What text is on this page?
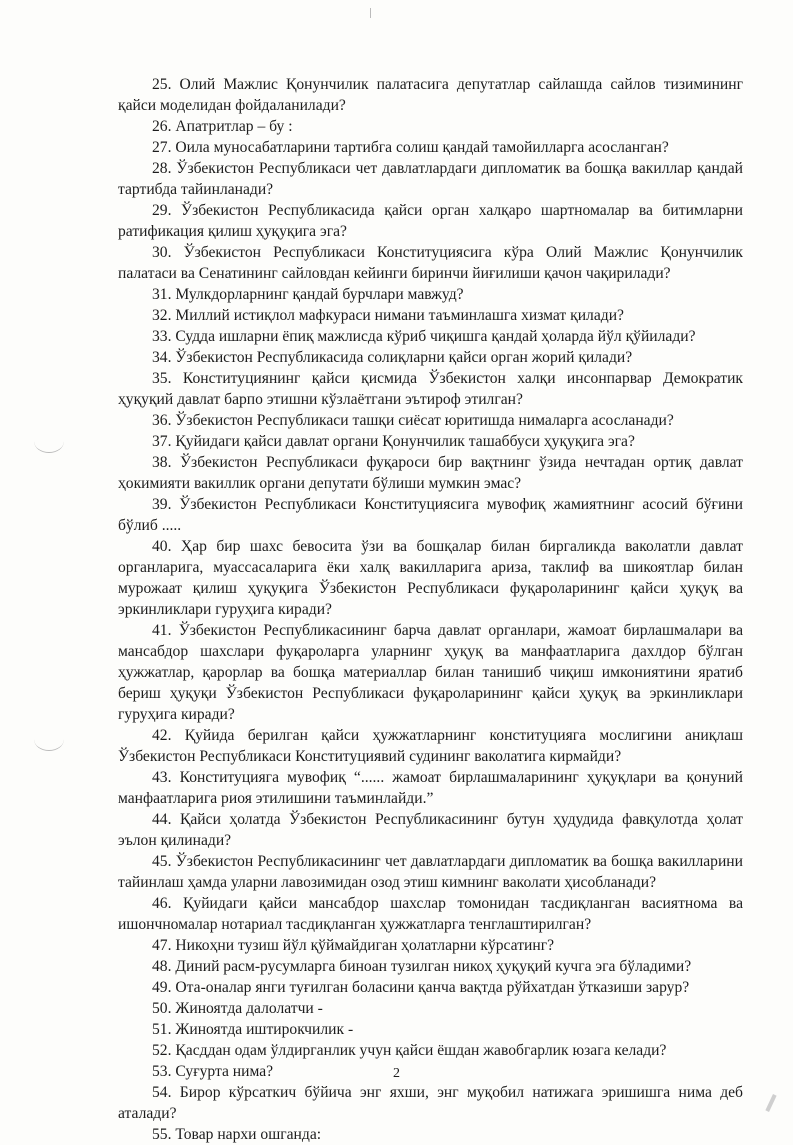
25. Олий Мажлис Қонунчилик палатасига депутатлар сайлашда сайлов тизимининг қайси моделидан фойдаланилади?

26. Апатритлар – бу :

27. Оила муносабатларини тартибга солиш қандай тамойилларга асосланган?

28. Ўзбекистон Республикаси чет давлатлардаги дипломатик ва бошқа вакиллар қандай тартибда тайинланади?

29. Ўзбекистон Республикасида қайси орган халқаро шартномалар ва битимларни ратификация қилиш ҳуқуқига эга?

30. Ўзбекистон Республикаси Конституциясига кўра Олий Мажлис Қонунчилик палатаси ва Сенатининг сайловдан кейинги биринчи йиғилиши қачон чақирилади?

31. Мулкдорларнинг қандай бурчлари мавжуд?

32. Миллий истиқлол мафкураси нимани таъминлашга хизмат қилади?

33. Судда ишларни ёпиқ мажлисда кўриб чиқишга қандай ҳоларда йўл қўйилади?

34. Ўзбекистон Республикасида солиқларни қайси орган жорий қилади?

35. Конституциянинг қайси қисмида Ўзбекистон халқи инсонпарвар Демократик ҳуқуқий давлат барпо этишни кўзлаётгани эътироф этилган?

36. Ўзбекистон Республикаси ташқи сиёсат юритишда нималарга асосланади?

37. Қуйидаги қайси давлат органи Қонунчилик ташаббуси ҳуқуқига эга?

38. Ўзбекистон Республикаси фуқароси бир вақтнинг ўзида нечтадан ортиқ давлат ҳокимияти вакиллик органи депутати бўлиши мумкин эмас?

39. Ўзбекистон Республикаси Конституциясига мувофиқ жамиятнинг асосий бўғини бўлиб .....

40. Ҳар бир шахс бевосита ўзи ва бошқалар билан биргаликда ваколатли давлат органларига, муассасаларига ёки халқ вакилларига ариза, таклиф ва шикоятлар билан мурожаат қилиш ҳуқуқига Ўзбекистон Республикаси фуқароларининг қайси ҳуқуқ ва эркинликлари гуруҳига киради?

41. Ўзбекистон Республикасининг барча давлат органлари, жамоат бирлашмалари ва мансабдор шахслари фуқароларга уларнинг ҳуқуқ ва манфаатларига дахлдор бўлган ҳужжатлар, қарорлар ва бошқа материаллар билан танишиб чиқиш имкониятини яратиб бериш ҳуқуқи Ўзбекистон Республикаси фуқароларининг қайси ҳуқуқ ва эркинликлари гуруҳига киради?

42. Қуйида берилган қайси ҳужжатларнинг конституцияга мослигини аниқлаш Ўзбекистон Республикаси Конституциявий судининг ваколатига кирмайди?

43. Конституцияга мувофиқ “...... жамоат бирлашмаларининг ҳуқуқлари ва қонуний манфаатларига риоя этилишини таъминлайди.”

44. Қайси ҳолатда Ўзбекистон Республикасининг бутун ҳудудида фавқулотда ҳолат эълон қилинади?

45. Ўзбекистон Республикасининг чет давлатлардаги дипломатик ва бошқа вакилларини тайинлаш ҳамда уларни лавозимидан озод этиш кимнинг ваколати ҳисобланади?

46. Қуйидаги қайси мансабдор шахслар томонидан тасдиқланган васиятнома ва ишончномалар нотариал тасдиқланган ҳужжатларга тенглаштирилган?

47. Никоҳни тузиш йўл қўймайдиган ҳолатларни кўрсатинг?

48. Диний расм-русумларга биноан тузилган никоҳ ҳуқуқий кучга эга бўладими?

49. Ота-оналар янги туғилган боласини қанча вақтда рўйхатдан ўтказиши зарур?

50. Жиноятда далолатчи -

51. Жиноятда иштирокчилик -

52. Қасддан одам ўлдирганлик учун қайси ёшдан жавобгарлик юзага келади?

53. Суғурта нима?

54. Бирор кўрсаткич бўйича энг яхши, энг муқобил натижага эришишга нима деб аталади?

55. Товар нархи ошганда:

2
